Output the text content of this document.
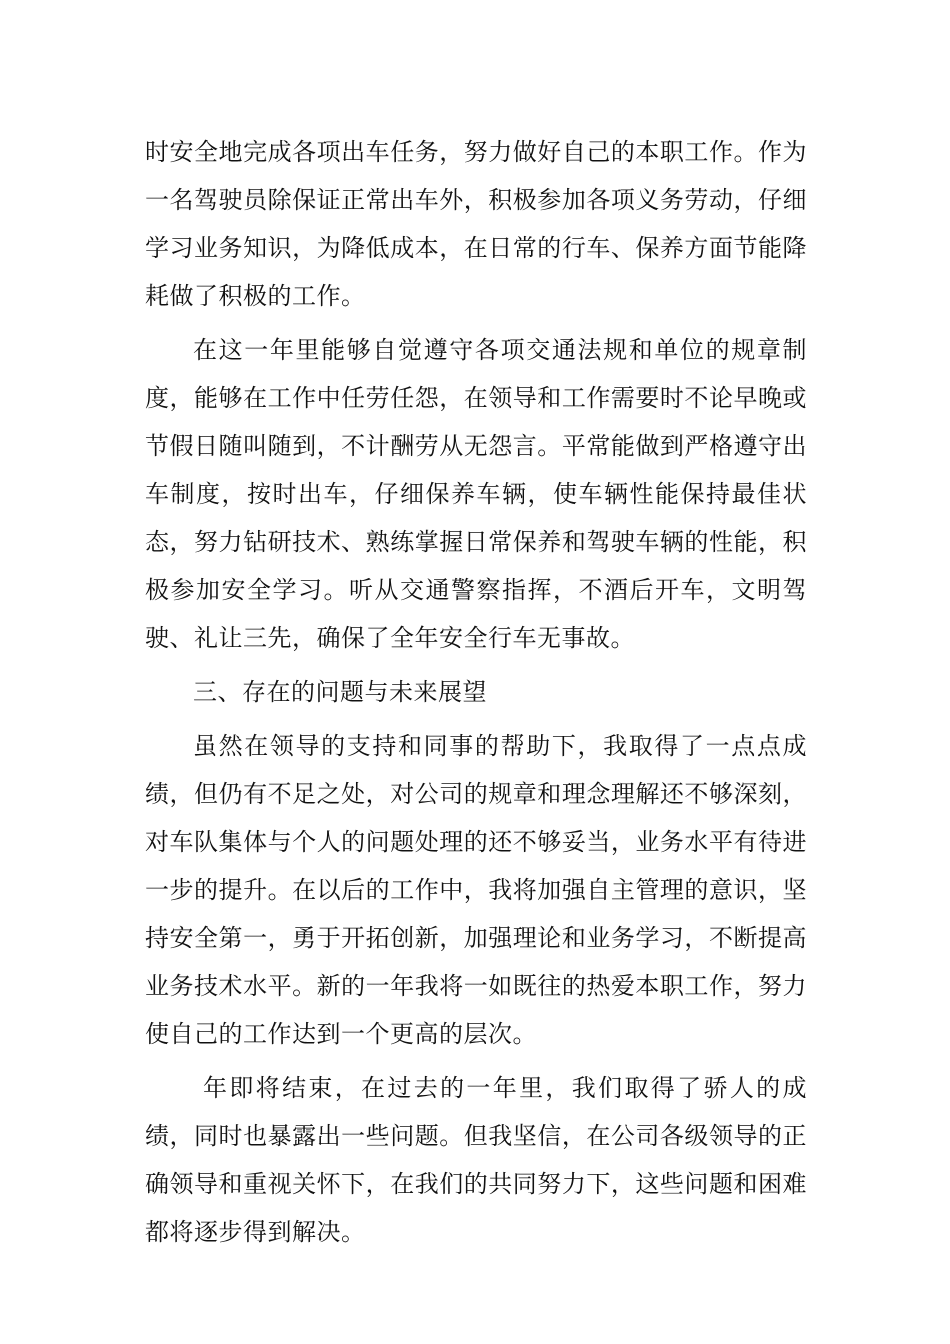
时安全地完成各项出车任务，努力做好自己的本职工作。作为一名驾驶员除保证正常出车外，积极参加各项义务劳动，仔细学习业务知识，为降低成本，在日常的行车、保养方面节能降耗做了积极的工作。

在这一年里能够自觉遵守各项交通法规和单位的规章制度，能够在工作中任劳任怨，在领导和工作需要时不论早晚或节假日随叫随到，不计酬劳从无怨言。平常能做到严格遵守出车制度，按时出车，仔细保养车辆，使车辆性能保持最佳状态，努力钻研技术、熟练掌握日常保养和驾驶车辆的性能，积极参加安全学习。听从交通警察指挥，不酒后开车，文明驾驶、礼让三先，确保了全年安全行车无事故。

三、存在的问题与未来展望

虽然在领导的支持和同事的帮助下，我取得了一点点成绩，但仍有不足之处，对公司的规章和理念理解还不够深刻，对车队集体与个人的问题处理的还不够妥当，业务水平有待进一步的提升。在以后的工作中，我将加强自主管理的意识，坚持安全第一，勇于开拓创新，加强理论和业务学习，不断提高业务技术水平。新的一年我将一如既往的热爱本职工作，努力使自己的工作达到一个更高的层次。

年即将结束，在过去的一年里，我们取得了骄人的成绩，同时也暴露出一些问题。但我坚信，在公司各级领导的正确领导和重视关怀下，在我们的共同努力下，这些问题和困难都将逐步得到解决。
